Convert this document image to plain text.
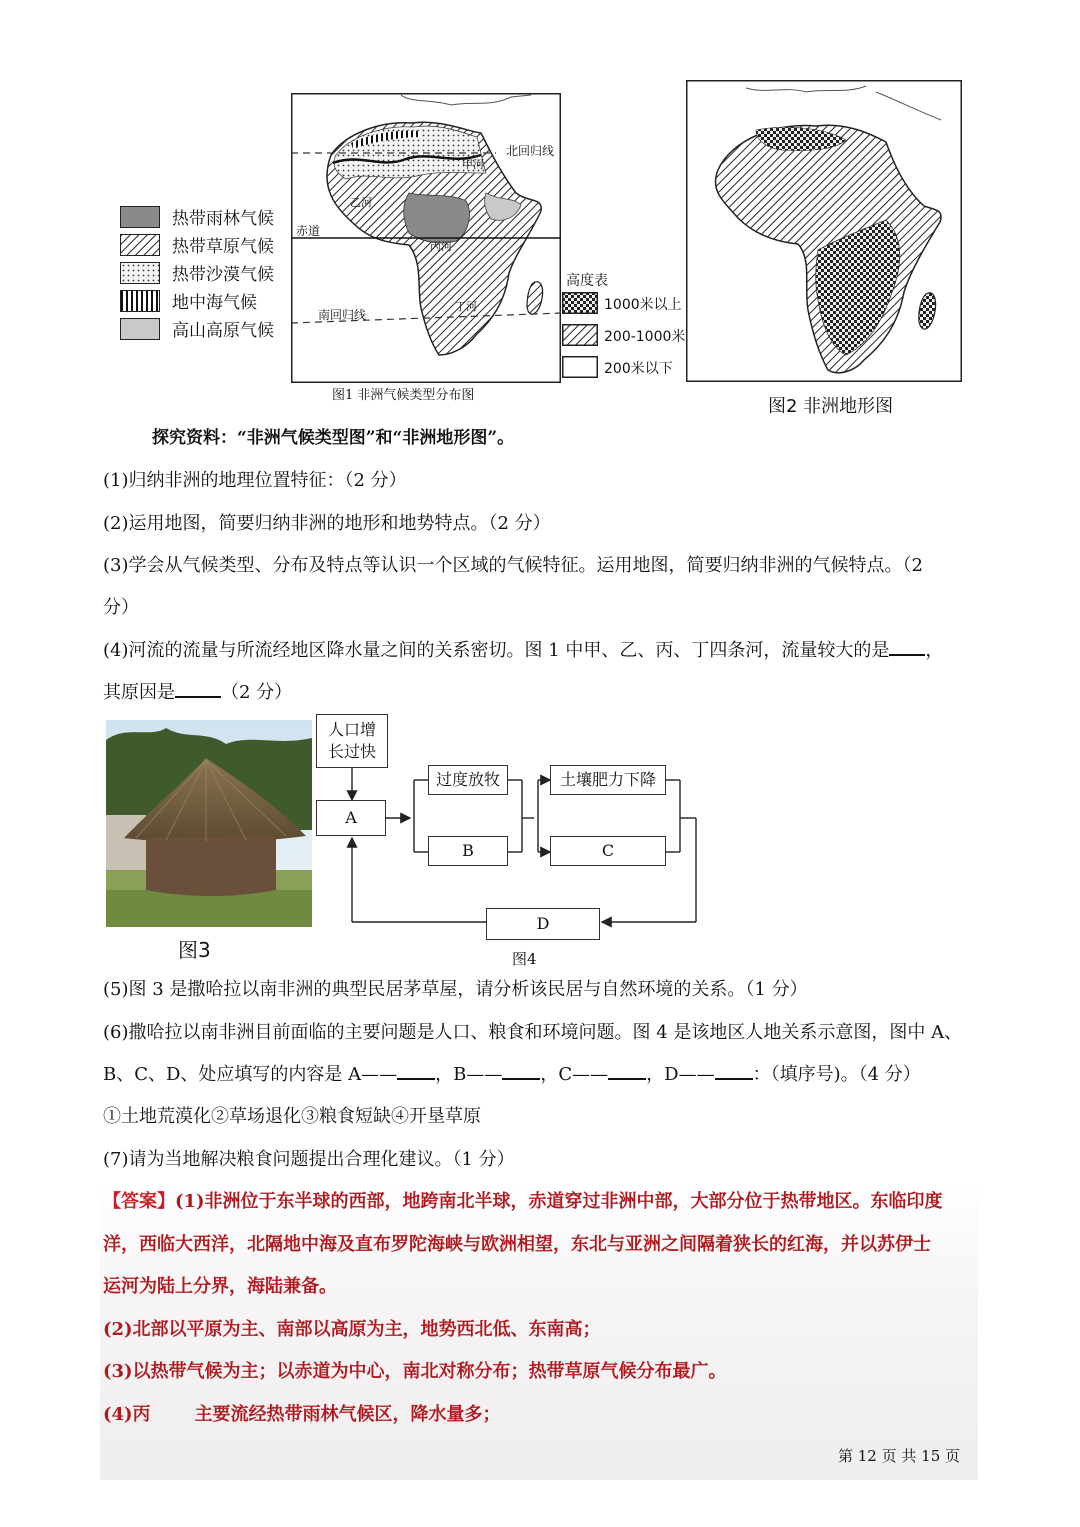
热带雨林气候
热带草原气候
热带沙漠气候
地中海气候
高山高原气候
北回归线
赤道
南回归线
甲河
乙河
丙河
丁河
高度表
1000米以上
200-1000米
200米以下
图1 非洲气候类型分布图
图2 非洲地形图
探究资料：“非洲气候类型图”和“非洲地形图”。
(1)归纳非洲的地理位置特征：（2 分）
(2)运用地图，简要归纳非洲的地形和地势特点。（2 分）
(3)学会从气候类型、分布及特点等认识一个区域的气候特征。运用地图，简要归纳非洲的气候特点。（2
分）
(4)河流的流量与所流经地区降水量之间的关系密切。图 1 中甲、乙、丙、丁四条河，流量较大的是 ，
其原因是	（2 分）
图3
人口增
长过快
A
过度放牧
B
土壤肥力下降
C
D
图4
(5)图 3 是撒哈拉以南非洲的典型民居茅草屋，请分析该民居与自然环境的关系。（1 分）
(6)撒哈拉以南非洲目前面临的主要问题是人口、粮食和环境问题。图 4 是该地区人地关系示意图，图中 A、
B、C、D、处应填写的内容是 A—— ，B—— ，C—— ，D—— ：（填序号)。（4 分）
①土地荒漠化②草场退化③粮食短缺④开垦草原
(7)请为当地解决粮食问题提出合理化建议。（1 分）
【答案】(1)非洲位于东半球的西部，地跨南北半球，赤道穿过非洲中部，大部分位于热带地区。东临印度
洋，西临大西洋，北隔地中海及直布罗陀海峡与欧洲相望，东北与亚洲之间隔着狭长的红海，并以苏伊士
运河为陆上分界，海陆兼备。
(2)北部以平原为主、南部以高原为主，地势西北低、东南高；
(3)以热带气候为主；以赤道为中心，南北对称分布；热带草原气候分布最广。
(4)丙 主要流经热带雨林气候区，降水量多；
第 12 页 共 15 页
